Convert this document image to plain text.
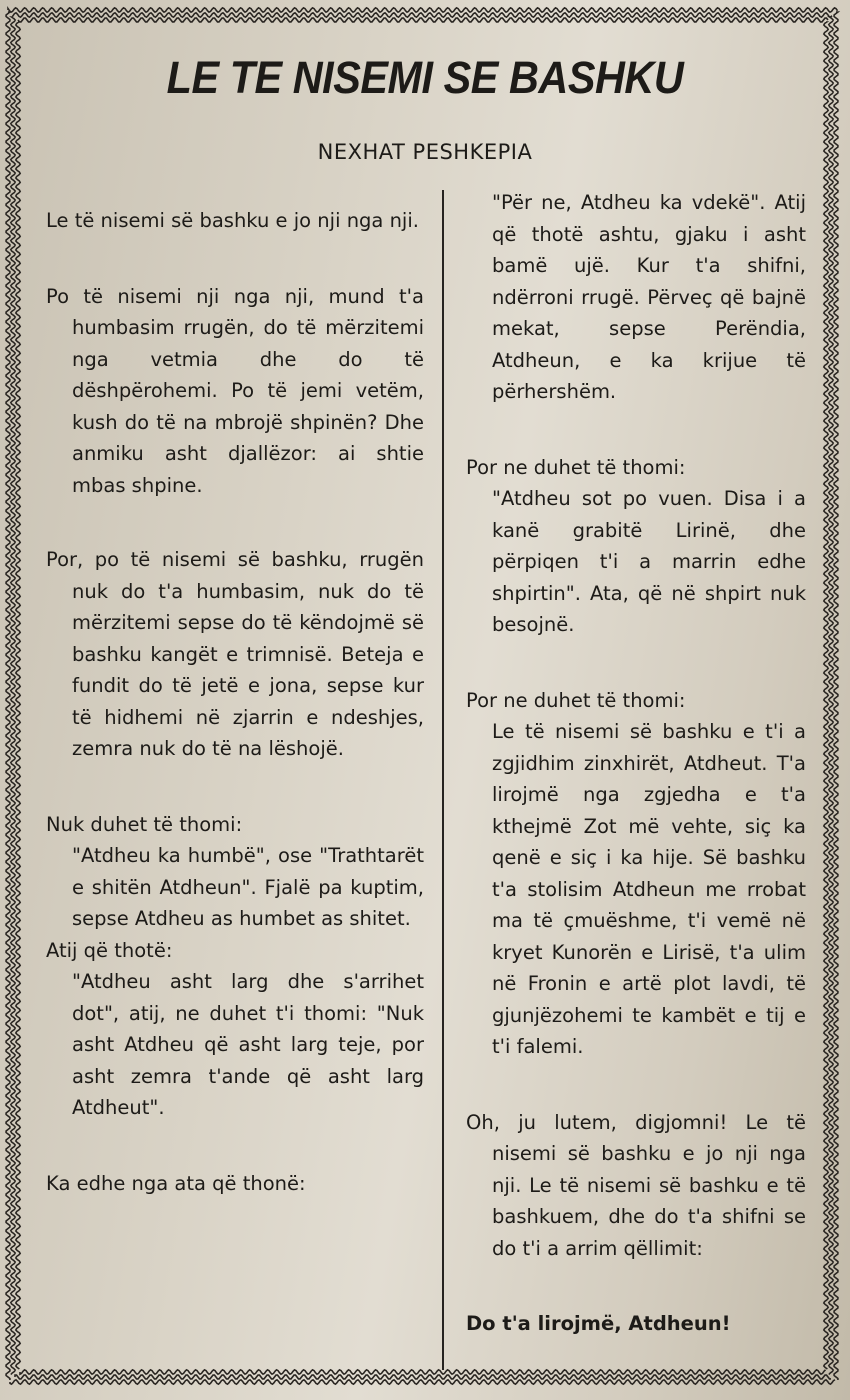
LE TE NISEMI SE BASHKU
NEXHAT PESHKEPIA

Le të nisemi së bashku e jo nji nga nji.

Po të nisemi nji nga nji, mund t'a humbasim rrugën, do të mërzitemi nga vetmia dhe do të dëshpërohemi. Po të jemi vetëm, kush do të na mbrojë shpinën? Dhe anmiku asht djallëzor: ai shtie mbas shpine.

Por, po të nisemi së bashku, rrugën nuk do t'a humbasim, nuk do të mërzitemi sepse do të këndojmë së bashku kangët e trimnisë. Beteja e fundit do të jetë e jona, sepse kur të hidhemi në zjarrin e ndeshjes, zemra nuk do të na lëshojë.

Nuk duhet të thomi:

"Atdheu ka humbë", ose "Trathtarët e shitën Atdheun". Fjalë pa kuptim, sepse Atdheu as humbet as shitet.

Atij që thotë:

"Atdheu asht larg dhe s'arrihet dot", atij, ne duhet t'i thomi: "Nuk asht Atdheu që asht larg teje, por asht zemra t'ande që asht larg Atdheut".

Ka edhe nga ata që thonë:

"Për ne, Atdheu ka vdekë". Atij që thotë ashtu, gjaku i asht bamë ujë. Kur t'a shifni, ndërroni rrugë. Përveç që bajnë mekat, sepse Perëndia, Atdheun, e ka krijue të përhershëm.

Por ne duhet të thomi:

"Atdheu sot po vuen. Disa i a kanë grabitë Lirinë, dhe përpiqen t'i a marrin edhe shpirtin". Ata, që në shpirt nuk besojnë.

Por ne duhet të thomi:

Le të nisemi së bashku e t'i a zgjidhim zinxhirët, Atdheut. T'a lirojmë nga zgjedha e t'a kthejmë Zot më vehte, siç ka qenë e siç i ka hije. Së bashku t'a stolisim Atdheun me rrobat ma të çmuëshme, t'i vemë në kryet Kunorën e Lirisë, t'a ulim në Fronin e artë plot lavdi, të gjunjëzohemi te kambët e tij e t'i falemi.

Oh, ju lutem, digjomni! Le të nisemi së bashku e jo nji nga nji. Le të nisemi së bashku e të bashkuem, dhe do t'a shifni se do t'i a arrim qëllimit:

Do t'a lirojmë, Atdheun!
